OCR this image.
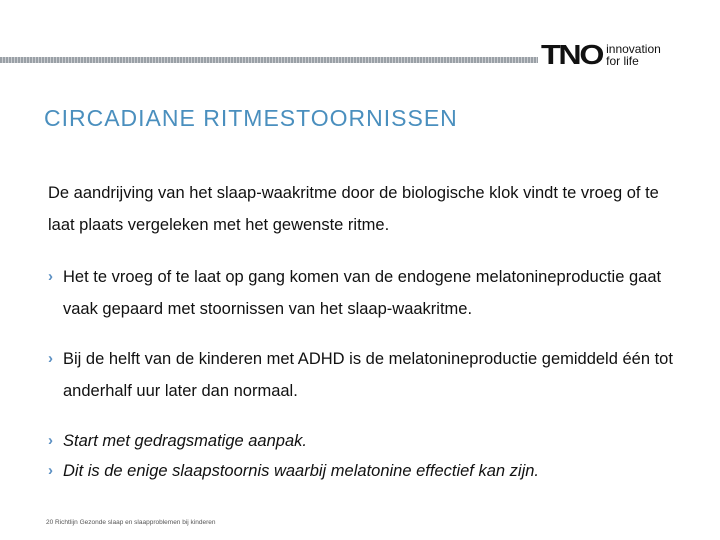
TNO innovation
for life
CIRCADIANE RITMESTOORNISSEN
De aandrijving van het slaap-waakritme door de biologische klok vindt te vroeg of te laat plaats vergeleken met het gewenste ritme.
› Het te vroeg of te laat op gang komen van de endogene melatonineproductie gaat vaak gepaard met stoornissen van het slaap-waakritme.
› Bij de helft van de kinderen met ADHD is de melatonineproductie gemiddeld één tot anderhalf uur later dan normaal.
› Start met gedragsmatige aanpak.
› Dit is de enige slaapstoornis waarbij melatonine effectief kan zijn.
20 Richtlijn Gezonde slaap en slaapproblemen bij kinderen
